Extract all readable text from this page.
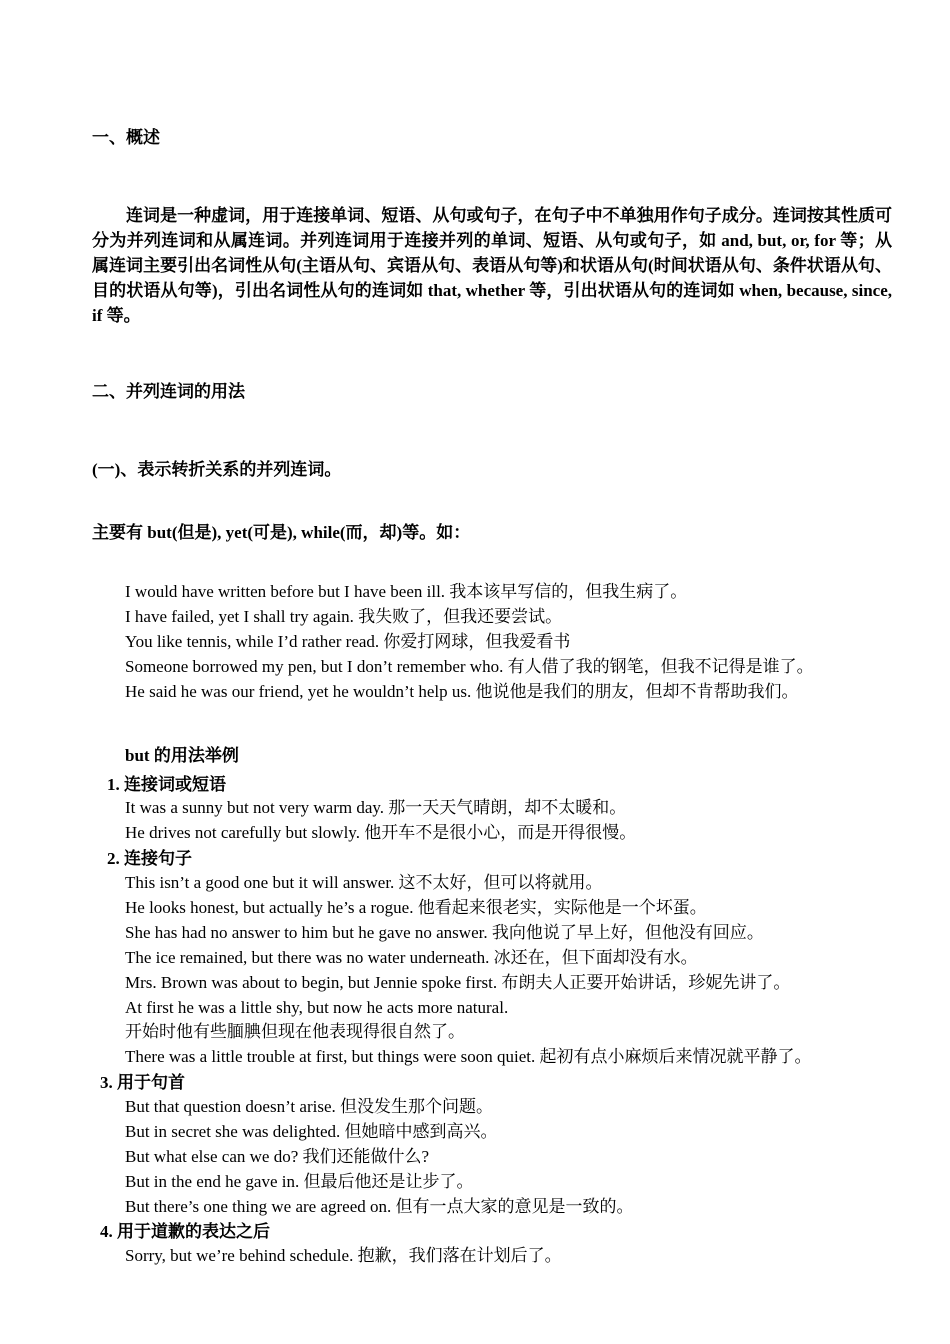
一、概述
连词是一种虚词，用于连接单词、短语、从句或句子，在句子中不单独用作句子成分。连词按其性质可分为并列连词和从属连词。并列连词用于连接并列的单词、短语、从句或句子，如 and, but, or, for 等；从属连词主要引出名词性从句(主语从句、宾语从句、表语从句等)和状语从句(时间状语从句、条件状语从句、目的状语从句等)，引出名词性从句的连词如 that, whether 等，引出状语从句的连词如 when, because, since, if 等。
二、并列连词的用法
(一)、表示转折关系的并列连词。
主要有 but(但是), yet(可是), while(而，却)等。如：
I would have written before but I have been ill. 我本该早写信的，但我生病了。
I have failed, yet I shall try again. 我失败了，但我还要尝试。
You like tennis, while I’d rather read. 你爱打网球，但我爱看书
Someone borrowed my pen, but I don’t remember who. 有人借了我的钢笔，但我不记得是谁了。
He said he was our friend, yet he wouldn’t help us. 他说他是我们的朋友，但却不肯帮助我们。
but 的用法举例
1. 连接词或短语
It was a sunny but not very warm day. 那一天天气晴朗，却不太暖和。
He drives not carefully but slowly. 他开车不是很小心，而是开得很慢。
2. 连接句子
This isn’t a good one but it will answer. 这不太好，但可以将就用。
He looks honest, but actually he’s a rogue. 他看起来很老实，实际他是一个坏蛋。
She has had no answer to him but he gave no answer. 我向他说了早上好，但他没有回应。
The ice remained, but there was no water underneath. 冰还在，但下面却没有水。
Mrs. Brown was about to begin, but Jennie spoke first. 布朗夫人正要开始讲话，珍妮先讲了。
At first he was a little shy, but now he acts more natural.
开始时他有些腼腆但现在他表现得很自然了。
There was a little trouble at first, but things were soon quiet. 起初有点小麻烦后来情况就平静了。
3. 用于句首
But that question doesn’t arise. 但没发生那个问题。
But in secret she was delighted. 但她暗中感到高兴。
But what else can we do? 我们还能做什么?
But in the end he gave in. 但最后他还是让步了。
But there’s one thing we are agreed on. 但有一点大家的意见是一致的。
4. 用于道歉的表达之后
Sorry, but we’re behind schedule. 抱歉，我们落在计划后了。
